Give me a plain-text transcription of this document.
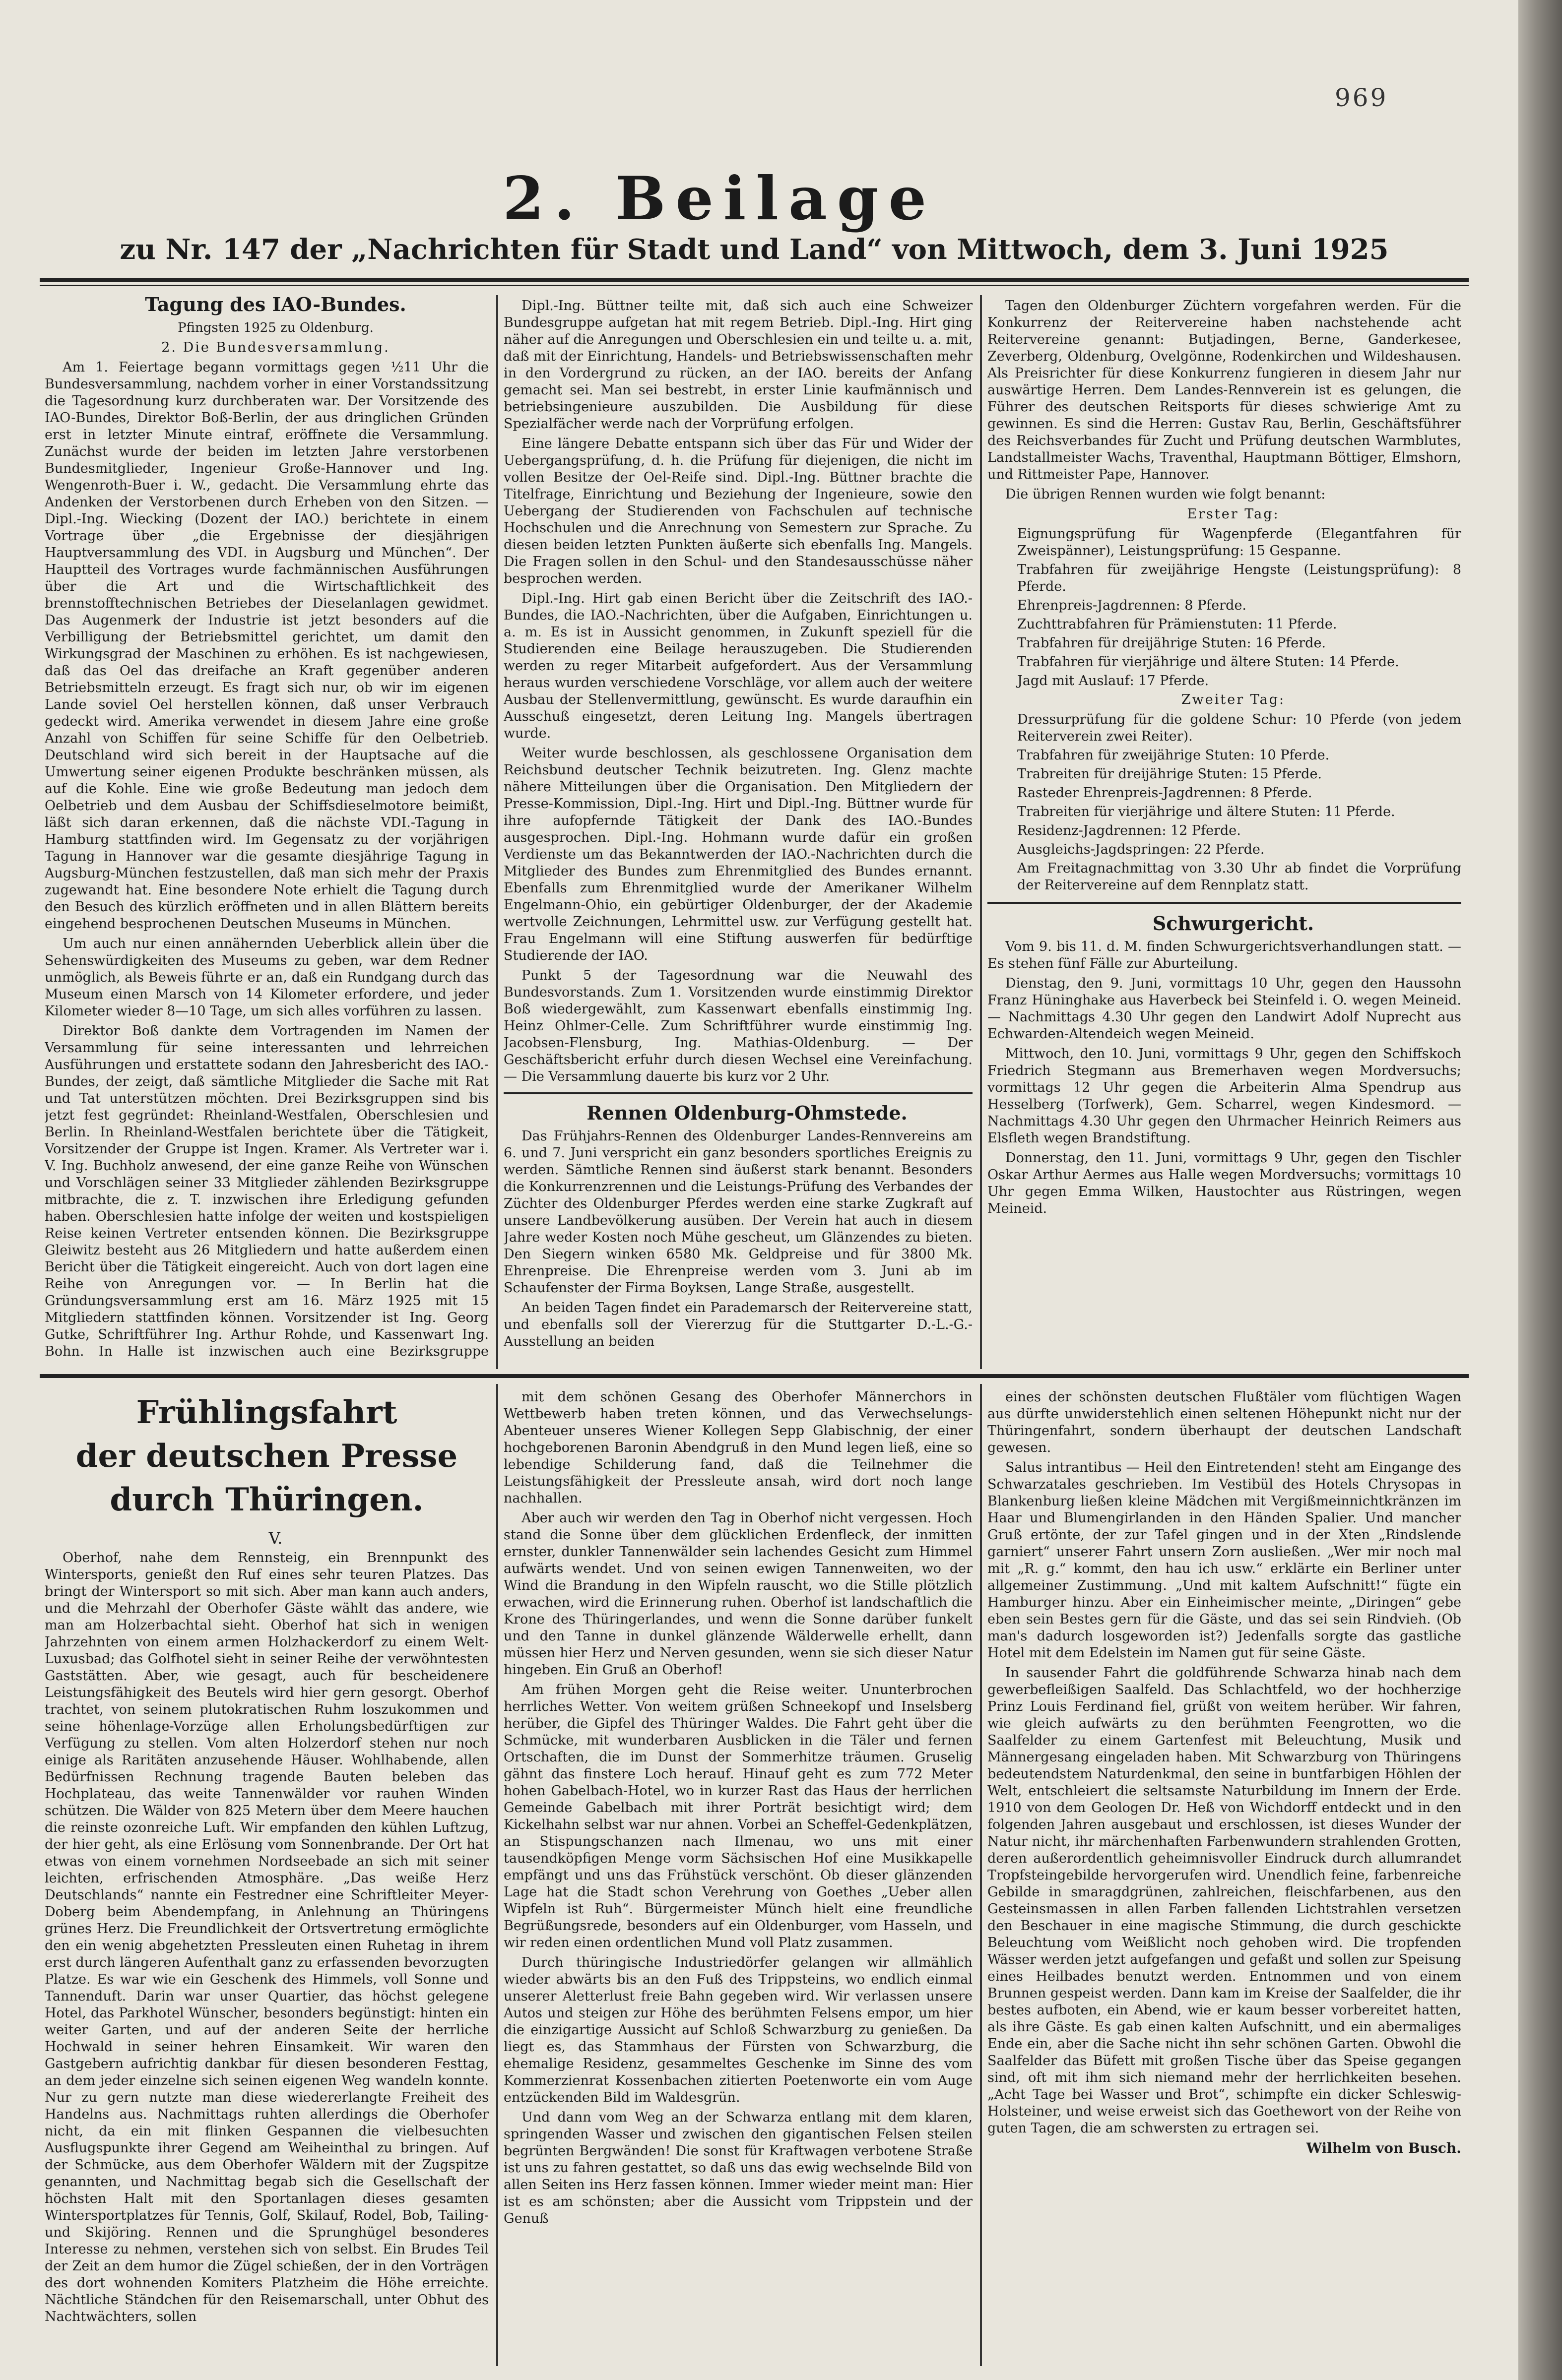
969
2. Beilage
zu Nr. 147 der „Nachrichten für Stadt und Land“ von Mittwoch, dem 3. Juni 1925

Tagung des IAO-Bundes.

Pfingsten 1925 zu Oldenburg.

2. Die Bundesversammlung.

Am 1. Feiertage begann vormittags gegen ½11 Uhr die Bundesversammlung, nachdem vorher in einer Vorstandssitzung die Tagesordnung kurz durchberaten war. Der Vorsitzende des IAO-Bundes, Direktor Boß-Berlin, der aus dringlichen Gründen erst in letzter Minute eintraf, eröffnete die Versammlung. Zunächst wurde der beiden im letzten Jahre verstorbenen Bundesmitglieder, Ingenieur Große-Hannover und Ing. Wengenroth-Buer i. W., gedacht. Die Versammlung ehrte das Andenken der Verstorbenen durch Erheben von den Sitzen. — Dipl.-Ing. Wiecking (Dozent der IAO.) berichtete in einem Vortrage über „die Ergebnisse der diesjährigen Hauptversammlung des VDI. in Augsburg und München“. Der Hauptteil des Vortrages wurde fachmännischen Ausführungen über die Art und die Wirtschaftlichkeit des brennstofftechnischen Betriebes der Dieselanlagen gewidmet. Das Augenmerk der Industrie ist jetzt besonders auf die Verbilligung der Betriebsmittel gerichtet, um damit den Wirkungsgrad der Maschinen zu erhöhen. Es ist nachgewiesen, daß das Oel das dreifache an Kraft gegenüber anderen Betriebsmitteln erzeugt. Es fragt sich nur, ob wir im eigenen Lande soviel Oel herstellen können, daß unser Verbrauch gedeckt wird. Amerika verwendet in diesem Jahre eine große Anzahl von Schiffen für seine Schiffe für den Oelbetrieb. Deutschland wird sich bereit in der Hauptsache auf die Umwertung seiner eigenen Produkte beschränken müssen, als auf die Kohle. Eine wie große Bedeutung man jedoch dem Oelbetrieb und dem Ausbau der Schiffsdieselmotore beimißt, läßt sich daran erkennen, daß die nächste VDI.-Tagung in Hamburg stattfinden wird. Im Gegensatz zu der vorjährigen Tagung in Hannover war die gesamte diesjährige Tagung in Augsburg-München festzustellen, daß man sich mehr der Praxis zugewandt hat. Eine besondere Note erhielt die Tagung durch den Besuch des kürzlich eröffneten und in allen Blättern bereits eingehend besprochenen Deutschen Museums in München.

Um auch nur einen annähernden Ueberblick allein über die Sehenswürdigkeiten des Museums zu geben, war dem Redner unmöglich, als Beweis führte er an, daß ein Rundgang durch das Museum einen Marsch von 14 Kilometer erfordere, und jeder Kilometer wieder 8—10 Tage, um sich alles vorführen zu lassen.

Direktor Boß dankte dem Vortragenden im Namen der Versammlung für seine interessanten und lehrreichen Ausführungen und erstattete sodann den Jahresbericht des IAO.-Bundes, der zeigt, daß sämtliche Mitglieder die Sache mit Rat und Tat unterstützen möchten. Drei Bezirksgruppen sind bis jetzt fest gegründet: Rheinland-Westfalen, Oberschlesien und Berlin. In Rheinland-Westfalen berichtete über die Tätigkeit, Vorsitzender der Gruppe ist Ingen. Kramer. Als Vertreter war i. V. Ing. Buchholz anwesend, der eine ganze Reihe von Wünschen und Vorschlägen seiner 33 Mitglieder zählenden Bezirksgruppe mitbrachte, die z. T. inzwischen ihre Erledigung gefunden haben. Oberschlesien hatte infolge der weiten und kostspieligen Reise keinen Vertreter entsenden können. Die Bezirksgruppe Gleiwitz besteht aus 26 Mitgliedern und hatte außerdem einen Bericht über die Tätigkeit eingereicht. Auch von dort lagen eine Reihe von Anregungen vor. — In Berlin hat die Gründungsversammlung erst am 16. März 1925 mit 15 Mitgliedern stattfinden können. Vorsitzender ist Ing. Georg Gutke, Schriftführer Ing. Arthur Rohde, und Kassenwart Ing. Bohn. In Halle ist inzwischen auch eine Bezirksgruppe

Dipl.-Ing. Büttner teilte mit, daß sich auch eine Schweizer Bundesgruppe aufgetan hat mit regem Betrieb. Dipl.-Ing. Hirt ging näher auf die Anregungen und Oberschlesien ein und teilte u. a. mit, daß mit der Einrichtung, Handels- und Betriebswissenschaften mehr in den Vordergrund zu rücken, an der IAO. bereits der Anfang gemacht sei. Man sei bestrebt, in erster Linie kaufmännisch und betriebsingenieure auszubilden. Die Ausbildung für diese Spezialfächer werde nach der Vorprüfung erfolgen.

Eine längere Debatte entspann sich über das Für und Wider der Uebergangsprüfung, d. h. die Prüfung für diejenigen, die nicht im vollen Besitze der Oel-Reife sind. Dipl.-Ing. Büttner brachte die Titelfrage, Einrichtung und Beziehung der Ingenieure, sowie den Uebergang der Studierenden von Fachschulen auf technische Hochschulen und die Anrechnung von Semestern zur Sprache. Zu diesen beiden letzten Punkten äußerte sich ebenfalls Ing. Mangels. Die Fragen sollen in den Schul- und den Standesausschüsse näher besprochen werden.

Dipl.-Ing. Hirt gab einen Bericht über die Zeitschrift des IAO.-Bundes, die IAO.-Nachrichten, über die Aufgaben, Einrichtungen u. a. m. Es ist in Aussicht genommen, in Zukunft speziell für die Studierenden eine Beilage herauszugeben. Die Studierenden werden zu reger Mitarbeit aufgefordert. Aus der Versammlung heraus wurden verschiedene Vorschläge, vor allem auch der weitere Ausbau der Stellenvermittlung, gewünscht. Es wurde daraufhin ein Ausschuß eingesetzt, deren Leitung Ing. Mangels übertragen wurde.

Weiter wurde beschlossen, als geschlossene Organisation dem Reichsbund deutscher Technik beizutreten. Ing. Glenz machte nähere Mitteilungen über die Organisation. Den Mitgliedern der Presse-Kommission, Dipl.-Ing. Hirt und Dipl.-Ing. Büttner wurde für ihre aufopfernde Tätigkeit der Dank des IAO.-Bundes ausgesprochen. Dipl.-Ing. Hohmann wurde dafür ein großen Verdienste um das Bekanntwerden der IAO.-Nachrichten durch die Mitglieder des Bundes zum Ehrenmitglied des Bundes ernannt. Ebenfalls zum Ehrenmitglied wurde der Amerikaner Wilhelm Engelmann-Ohio, ein gebürtiger Oldenburger, der der Akademie wertvolle Zeichnungen, Lehrmittel usw. zur Verfügung gestellt hat. Frau Engelmann will eine Stiftung auswerfen für bedürftige Studierende der IAO.

Punkt 5 der Tagesordnung war die Neuwahl des Bundesvorstands. Zum 1. Vorsitzenden wurde einstimmig Direktor Boß wiedergewählt, zum Kassenwart ebenfalls einstimmig Ing. Heinz Ohlmer-Celle. Zum Schriftführer wurde einstimmig Ing. Jacobsen-Flensburg, Ing. Mathias-Oldenburg. — Der Geschäftsbericht erfuhr durch diesen Wechsel eine Vereinfachung. — Die Versammlung dauerte bis kurz vor 2 Uhr.

Rennen Oldenburg-Ohmstede.

Das Frühjahrs-Rennen des Oldenburger Landes-Rennvereins am 6. und 7. Juni verspricht ein ganz besonders sportliches Ereignis zu werden. Sämtliche Rennen sind äußerst stark benannt. Besonders die Konkurrenzrennen und die Leistungs-Prüfung des Verbandes der Züchter des Oldenburger Pferdes werden eine starke Zugkraft auf unsere Landbevölkerung ausüben. Der Verein hat auch in diesem Jahre weder Kosten noch Mühe gescheut, um Glänzendes zu bieten. Den Siegern winken 6580 Mk. Geldpreise und für 3800 Mk. Ehrenpreise. Die Ehrenpreise werden vom 3. Juni ab im Schaufenster der Firma Boyksen, Lange Straße, ausgestellt.

An beiden Tagen findet ein Parademarsch der Reitervereine statt, und ebenfalls soll der Viererzug für die Stuttgarter D.-L.-G.-Ausstellung an beiden

Tagen den Oldenburger Züchtern vorgefahren werden. Für die Konkurrenz der Reitervereine haben nachstehende acht Reitervereine genannt: Butjadingen, Berne, Ganderkesee, Zeverberg, Oldenburg, Ovelgönne, Rodenkirchen und Wildeshausen. Als Preisrichter für diese Konkurrenz fungieren in diesem Jahr nur auswärtige Herren. Dem Landes-Rennverein ist es gelungen, die Führer des deutschen Reitsports für dieses schwierige Amt zu gewinnen. Es sind die Herren: Gustav Rau, Berlin, Geschäftsführer des Reichsverbandes für Zucht und Prüfung deutschen Warmblutes, Landstallmeister Wachs, Traventhal, Hauptmann Böttiger, Elmshorn, und Rittmeister Pape, Hannover.

Die übrigen Rennen wurden wie folgt benannt:

Erster Tag:

Eignungsprüfung für Wagenpferde (Elegantfahren für Zweispänner), Leistungsprüfung: 15 Gespanne.

Trabfahren für zweijährige Hengste (Leistungsprüfung): 8 Pferde.

Ehrenpreis-Jagdrennen: 8 Pferde.

Zuchttrabfahren für Prämienstuten: 11 Pferde.

Trabfahren für dreijährige Stuten: 16 Pferde.

Trabfahren für vierjährige und ältere Stuten: 14 Pferde.

Jagd mit Auslauf: 17 Pferde.

Zweiter Tag:

Dressurprüfung für die goldene Schur: 10 Pferde (von jedem Reiterverein zwei Reiter).

Trabfahren für zweijährige Stuten: 10 Pferde.

Trabreiten für dreijährige Stuten: 15 Pferde.

Rasteder Ehrenpreis-Jagdrennen: 8 Pferde.

Trabreiten für vierjährige und ältere Stuten: 11 Pferde.

Residenz-Jagdrennen: 12 Pferde.

Ausgleichs-Jagdspringen: 22 Pferde.

Am Freitagnachmittag von 3.30 Uhr ab findet die Vorprüfung der Reitervereine auf dem Rennplatz statt.

Schwurgericht.

Vom 9. bis 11. d. M. finden Schwurgerichtsverhandlungen statt. — Es stehen fünf Fälle zur Aburteilung.

Dienstag, den 9. Juni, vormittags 10 Uhr, gegen den Haussohn Franz Hüninghake aus Haverbeck bei Steinfeld i. O. wegen Meineid. — Nachmittags 4.30 Uhr gegen den Landwirt Adolf Nuprecht aus Echwarden-Altendeich wegen Meineid.

Mittwoch, den 10. Juni, vormittags 9 Uhr, gegen den Schiffskoch Friedrich Stegmann aus Bremerhaven wegen Mordversuchs; vormittags 12 Uhr gegen die Arbeiterin Alma Spendrup aus Hesselberg (Torfwerk), Gem. Scharrel, wegen Kindesmord. — Nachmittags 4.30 Uhr gegen den Uhrmacher Heinrich Reimers aus Elsfleth wegen Brandstiftung.

Donnerstag, den 11. Juni, vormittags 9 Uhr, gegen den Tischler Oskar Arthur Aermes aus Halle wegen Mordversuchs; vormittags 10 Uhr gegen Emma Wilken, Haustochter aus Rüstringen, wegen Meineid.

Frühlingsfahrt
der deutschen Presse durch Thüringen.

V.

Oberhof, nahe dem Rennsteig, ein Brennpunkt des Wintersports, genießt den Ruf eines sehr teuren Platzes. Das bringt der Wintersport so mit sich. Aber man kann auch anders, und die Mehrzahl der Oberhofer Gäste wählt das andere, wie man am Holzerbachtal sieht. Oberhof hat sich in wenigen Jahrzehnten von einem armen Holzhackerdorf zu einem Welt-Luxusbad; das Golfhotel sieht in seiner Reihe der verwöhntesten Gaststätten. Aber, wie gesagt, auch für bescheidenere Leistungsfähigkeit des Beutels wird hier gern gesorgt. Oberhof trachtet, von seinem plutokratischen Ruhm loszukommen und seine höhenlage-Vorzüge allen Erholungsbedürftigen zur Verfügung zu stellen. Vom alten Holzerdorf stehen nur noch einige als Raritäten anzusehende Häuser. Wohlhabende, allen Bedürfnissen Rechnung tragende Bauten beleben das Hochplateau, das weite Tannenwälder vor rauhen Winden schützen. Die Wälder von 825 Metern über dem Meere hauchen die reinste ozonreiche Luft. Wir empfanden den kühlen Luftzug, der hier geht, als eine Erlösung vom Sonnenbrande. Der Ort hat etwas von einem vornehmen Nordseebade an sich mit seiner leichten, erfrischenden Atmosphäre. „Das weiße Herz Deutschlands“ nannte ein Festredner eine Schriftleiter Meyer-Doberg beim Abendempfang, in Anlehnung an Thüringens grünes Herz. Die Freundlichkeit der Ortsvertretung ermöglichte den ein wenig abgehetzten Pressleuten einen Ruhetag in ihrem erst durch längeren Aufenthalt ganz zu erfassenden bevorzugten Platze. Es war wie ein Geschenk des Himmels, voll Sonne und Tannenduft. Darin war unser Quartier, das höchst gelegene Hotel, das Parkhotel Wünscher, besonders begünstigt: hinten ein weiter Garten, und auf der anderen Seite der herrliche Hochwald in seiner hehren Einsamkeit. Wir waren den Gastgebern aufrichtig dankbar für diesen besonderen Festtag, an dem jeder einzelne sich seinen eigenen Weg wandeln konnte. Nur zu gern nutzte man diese wiedererlangte Freiheit des Handelns aus. Nachmittags ruhten allerdings die Oberhofer nicht, da ein mit flinken Gespannen die vielbesuchten Ausflugspunkte ihrer Gegend am Weiheinthal zu bringen. Auf der Schmücke, aus dem Oberhofer Wäldern mit der Zugspitze genannten, und Nachmittag begab sich die Gesellschaft der höchsten Halt mit den Sportanlagen dieses gesamten Wintersportplatzes für Tennis, Golf, Skilauf, Rodel, Bob, Tailing- und Skijöring. Rennen und die Sprunghügel besonderes Interesse zu nehmen, verstehen sich von selbst. Ein Brudes Teil der Zeit an dem humor die Zügel schießen, der in den Vorträgen des dort wohnenden Komiters Platzheim die Höhe erreichte. Nächtliche Ständchen für den Reisemarschall, unter Obhut des Nachtwächters, sollen

mit dem schönen Gesang des Oberhofer Männerchors in Wettbewerb haben treten können, und das Verwechselungs-Abenteuer unseres Wiener Kollegen Sepp Glabischnig, der einer hochgeborenen Baronin Abendgruß in den Mund legen ließ, eine so lebendige Schilderung fand, daß die Teilnehmer die Leistungsfähigkeit der Pressleute ansah, wird dort noch lange nachhallen.

Aber auch wir werden den Tag in Oberhof nicht vergessen. Hoch stand die Sonne über dem glücklichen Erdenfleck, der inmitten ernster, dunkler Tannenwälder sein lachendes Gesicht zum Himmel aufwärts wendet. Und von seinen ewigen Tannenweiten, wo der Wind die Brandung in den Wipfeln rauscht, wo die Stille plötzlich erwachen, wird die Erinnerung ruhen. Oberhof ist landschaftlich die Krone des Thüringerlandes, und wenn die Sonne darüber funkelt und den Tanne in dunkel glänzende Wälderwelle erhellt, dann müssen hier Herz und Nerven gesunden, wenn sie sich dieser Natur hingeben. Ein Gruß an Oberhof!

Am frühen Morgen geht die Reise weiter. Ununterbrochen herrliches Wetter. Von weitem grüßen Schneekopf und Inselsberg herüber, die Gipfel des Thüringer Waldes. Die Fahrt geht über die Schmücke, mit wunderbaren Ausblicken in die Täler und fernen Ortschaften, die im Dunst der Sommerhitze träumen. Gruselig gähnt das finstere Loch herauf. Hinauf geht es zum 772 Meter hohen Gabelbach-Hotel, wo in kurzer Rast das Haus der herrlichen Gemeinde Gabelbach mit ihrer Porträt besichtigt wird; dem Kickelhahn selbst war nur ahnen. Vorbei an Scheffel-Gedenkplätzen, an Stispungschanzen nach Ilmenau, wo uns mit einer tausendköpfigen Menge vorm Sächsischen Hof eine Musikkapelle empfängt und uns das Frühstück verschönt. Ob dieser glänzenden Lage hat die Stadt schon Verehrung von Goethes „Ueber allen Wipfeln ist Ruh“. Bürgermeister Münch hielt eine freundliche Begrüßungsrede, besonders auf ein Oldenburger, vom Hasseln, und wir reden einen ordentlichen Mund voll Platz zusammen.

Durch thüringische Industriedörfer gelangen wir allmählich wieder abwärts bis an den Fuß des Trippsteins, wo endlich einmal unserer Aletterlust freie Bahn gegeben wird. Wir verlassen unsere Autos und steigen zur Höhe des berühmten Felsens empor, um hier die einzigartige Aussicht auf Schloß Schwarzburg zu genießen. Da liegt es, das Stammhaus der Fürsten von Schwarzburg, die ehemalige Residenz, gesammeltes Geschenke im Sinne des vom Kommerzienrat Kossenbachen zitierten Poetenworte ein vom Auge entzückenden Bild im Waldesgrün.

Und dann vom Weg an der Schwarza entlang mit dem klaren, springenden Wasser und zwischen den gigantischen Felsen steilen begrünten Bergwänden! Die sonst für Kraftwagen verbotene Straße ist uns zu fahren gestattet, so daß uns das ewig wechselnde Bild von allen Seiten ins Herz fassen können. Immer wieder meint man: Hier ist es am schönsten; aber die Aussicht vom Trippstein und der Genuß

eines der schönsten deutschen Flußtäler vom flüchtigen Wagen aus dürfte unwiderstehlich einen seltenen Höhepunkt nicht nur der Thüringenfahrt, sondern überhaupt der deutschen Landschaft gewesen.

Salus intrantibus — Heil den Eintretenden! steht am Eingange des Schwarzatales geschrieben. Im Vestibül des Hotels Chrysopas in Blankenburg ließen kleine Mädchen mit Vergißmeinnichtkränzen im Haar und Blumengirlanden in den Händen Spalier. Und mancher Gruß ertönte, der zur Tafel gingen und in der Xten „Rindslende garniert“ unserer Fahrt unsern Zorn ausließen. „Wer mir noch mal mit „R. g.“ kommt, den hau ich usw.“ erklärte ein Berliner unter allgemeiner Zustimmung. „Und mit kaltem Aufschnitt!“ fügte ein Hamburger hinzu. Aber ein Einheimischer meinte, „Diringen“ gebe eben sein Bestes gern für die Gäste, und das sei sein Rindvieh. (Ob man's dadurch losgeworden ist?) Jedenfalls sorgte das gastliche Hotel mit dem Edelstein im Namen gut für seine Gäste.

In sausender Fahrt die goldführende Schwarza hinab nach dem gewerbefleißigen Saalfeld. Das Schlachtfeld, wo der hochherzige Prinz Louis Ferdinand fiel, grüßt von weitem herüber. Wir fahren, wie gleich aufwärts zu den berühmten Feengrotten, wo die Saalfelder zu einem Gartenfest mit Beleuchtung, Musik und Männergesang eingeladen haben. Mit Schwarzburg von Thüringens bedeutendstem Naturdenkmal, den seine in buntfarbigen Höhlen der Welt, entschleiert die seltsamste Naturbildung im Innern der Erde. 1910 von dem Geologen Dr. Heß von Wichdorff entdeckt und in den folgenden Jahren ausgebaut und erschlossen, ist dieses Wunder der Natur nicht, ihr märchenhaften Farbenwundern strahlenden Grotten, deren außerordentlich geheimnisvoller Eindruck durch allumrandet Tropfsteingebilde hervorgerufen wird. Unendlich feine, farbenreiche Gebilde in smaragdgrünen, zahlreichen, fleischfarbenen, aus den Gesteinsmassen in allen Farben fallenden Lichtstrahlen versetzen den Beschauer in eine magische Stimmung, die durch geschickte Beleuchtung vom Weißlicht noch gehoben wird. Die tropfenden Wässer werden jetzt aufgefangen und gefaßt und sollen zur Speisung eines Heilbades benutzt werden. Entnommen und von einem Brunnen gespeist werden. Dann kam im Kreise der Saalfelder, die ihr bestes aufboten, ein Abend, wie er kaum besser vorbereitet hatten, als ihre Gäste. Es gab einen kalten Aufschnitt, und ein abermaliges Ende ein, aber die Sache nicht ihn sehr schönen Garten. Obwohl die Saalfelder das Büfett mit großen Tische über das Speise gegangen sind, oft mit ihm sich niemand mehr der herrlichkeiten besehen. „Acht Tage bei Wasser und Brot“, schimpfte ein dicker Schleswig-Holsteiner, und weise erweist sich das Goethewort von der Reihe von guten Tagen, die am schwersten zu ertragen sei.

Wilhelm von Busch.
